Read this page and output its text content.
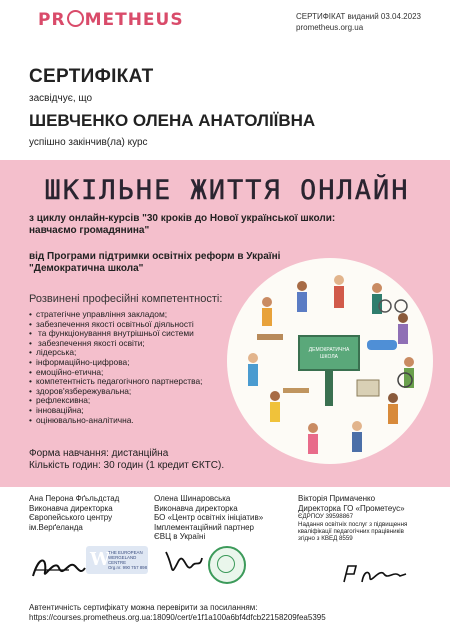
PR METHEUS	СЕРТИФІКАТ виданий 03.04.2023
prometheus.org.ua
СЕРТИФІКАТ
засвідчує, що
ШЕВЧЕНКО ОЛЕНА АНАТОЛІЇВНА
успішно закінчив(ла) курс
ШКІЛЬНЕ ЖИТТЯ ОНЛАЙН
з циклу онлайн-курсів "30 кроків до Нової української школи:
навчаємо громадянина"
від Програми підтримки освітніх реформ в Україні
"Демократична школа"
Розвинені професійні компетентності:
• стратегічне управління закладом;
• забезпечення якості освітньої діяльності
• та функціонування внутрішньої системи
• забезпечення якості освіти;
• лідерська;
• інформаційно-цифрова;
• емоційно-етична;
• компетентність педагогічного партнерства;
• здоров'язбережувальна;
• рефлексивна;
• інноваційна;
• оцінювально-аналітична.
Форма навчання: дистанційна
Кількість годин: 30 годин (1 кредит ЄКТС).
ДЕМОКРАТИЧНА
ШКОЛА
Ана Перона Фґьльдстад
Виконавча директорка
Європейського центру
ім.Верґеланда
Олена Шинаровська
Виконавча директорка
БО «Центр освітніх ініціатив»
Імплементаційний партнер
ЄВЦ в Україні
Вікторія Примаченко
Директорка ГО «Прометеус»
ЄДРПОУ 39598867
Надання освітніх послуг з підвищення
кваліфікації педагогічних працівників
згідно з КВЕД 8559
W
THE EUROPEAN
WERGELAND
CENTRE
Org.nr. 990 757 898
Автентичність сертифікату можна перевірити за посиланням:
https://courses.prometheus.org.ua:18090/cert/e1f1a100a6bf4dfcb22158209fea5395
